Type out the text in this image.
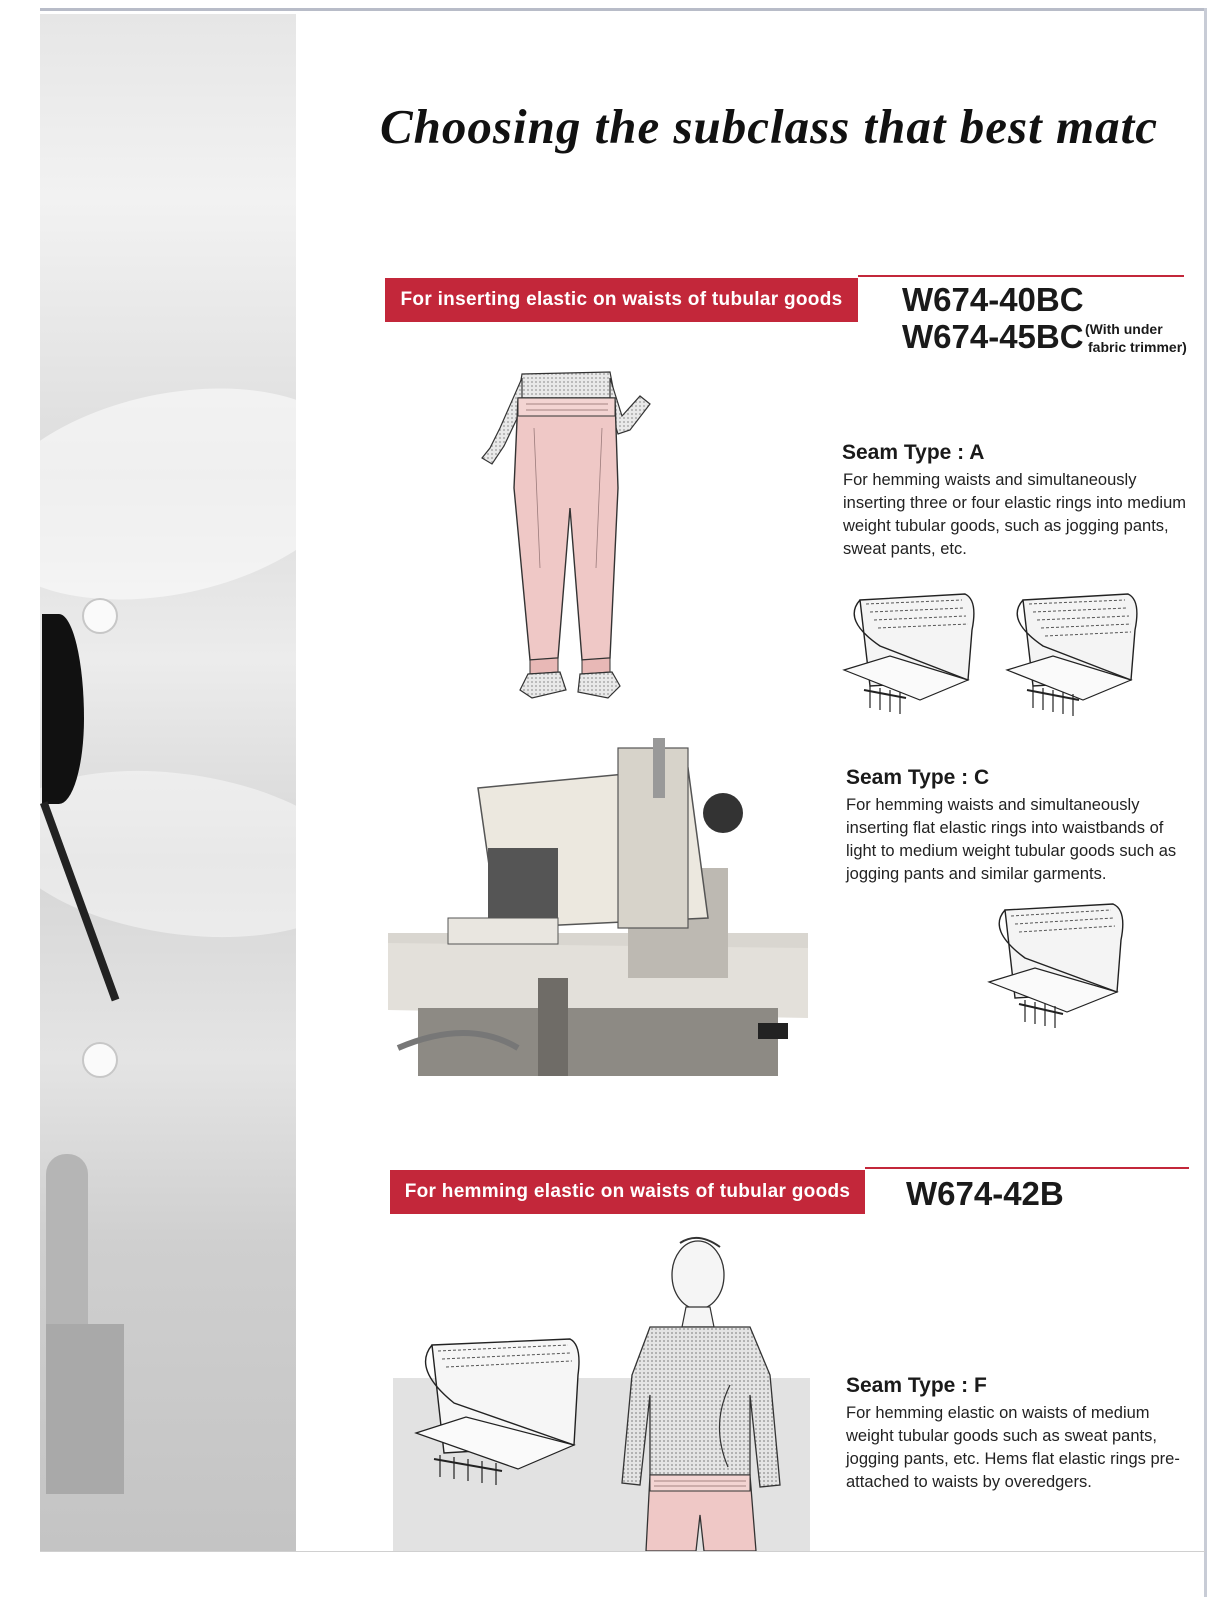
Choosing the subclass that best matc
For inserting elastic on waists of tubular goods	W674-40BC
W674-45BC (With under
fabric trimmer)
Seam Type : A
For hemming waists and simultaneously inserting three or four elastic rings into medium weight tubular goods, such as jogging pants, sweat pants, etc.
Seam Type : C
For hemming waists and simultaneously inserting flat elastic rings into waistbands of light to medium weight tubular goods such as jogging pants and similar garments.
For hemming elastic on waists of tubular goods	W674-42B
Seam Type : F
For hemming elastic on waists of medium weight tubular goods such as sweat pants, jogging pants, etc. Hems flat elastic rings pre-attached to waists by overedgers.
